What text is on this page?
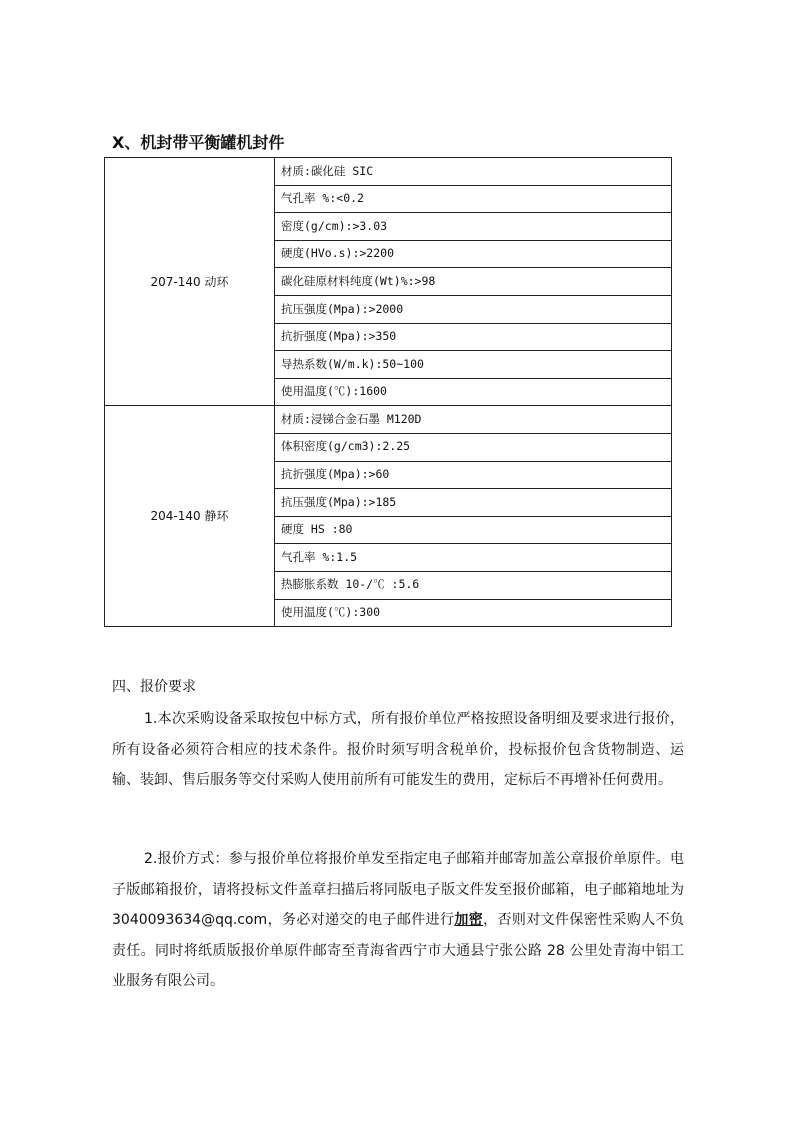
X、机封带平衡罐机封件
207-140 动环	材质:碳化硅 SIC
	气孔率 %:<0.2
	密度(g/cm):>3.03
	硬度(HVo.s):>2200
	碳化硅原材料纯度(Wt)%:>98
	抗压强度(Mpa):>2000
	抗折强度(Mpa):>350
	导热系数(W/m.k):50~100
	使用温度(℃):1600
204-140 静环	材质:浸锑合金石墨 M120D
	体积密度(g/cm3):2.25
	抗折强度(Mpa):>60
	抗压强度(Mpa):>185
	硬度 HS :80
	气孔率 %:1.5
	热膨胀系数 10-/℃ :5.6
	使用温度(℃):300
四、报价要求

1.本次采购设备采取按包中标方式，所有报价单位严格按照设备明细及要求进行报价，所有设备必须符合相应的技术条件。报价时须写明含税单价，投标报价包含货物制造、运输、装卸、售后服务等交付采购人使用前所有可能发生的费用，定标后不再增补任何费用。

2.报价方式：参与报价单位将报价单发至指定电子邮箱并邮寄加盖公章报价单原件。电子版邮箱报价，请将投标文件盖章扫描后将同版电子版文件发至报价邮箱，电子邮箱地址为 3040093634@qq.com，务必对递交的电子邮件进行加密，否则对文件保密性采购人不负责任。同时将纸质版报价单原件邮寄至青海省西宁市大通县宁张公路 28 公里处青海中铝工业服务有限公司。
